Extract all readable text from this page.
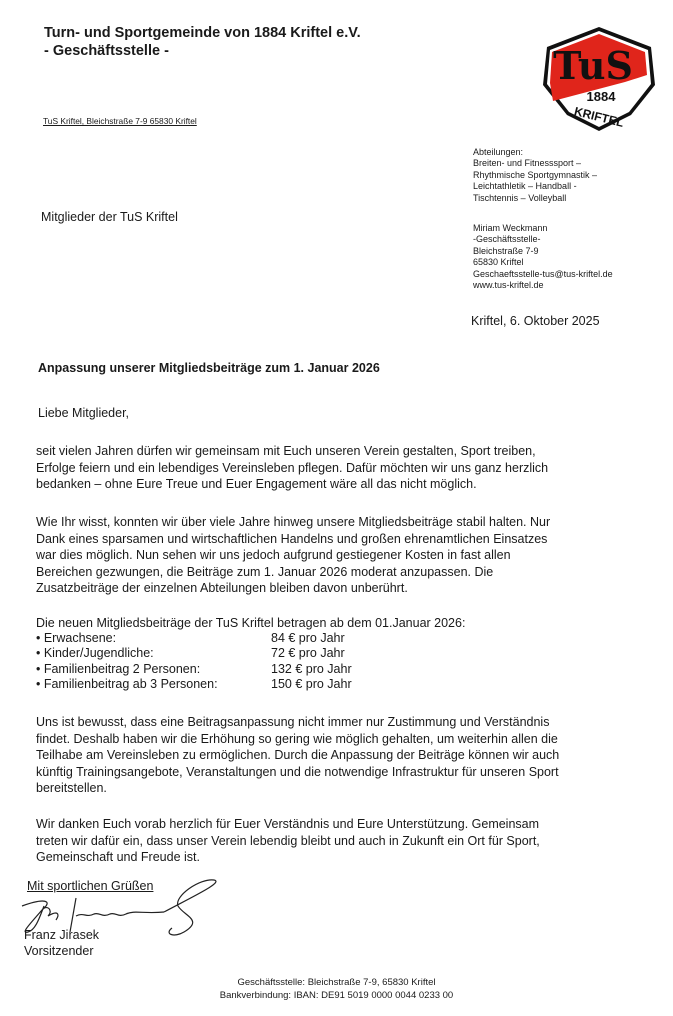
Turn- und Sportgemeinde von 1884 Kriftel e.V.
- Geschäftsstelle -
TuS Kriftel, Bleichstraße 7-9 65830 Kriftel
TuS
1884
KRIFTEL
Abteilungen:
Breiten- und Fitnesssport –
Rhythmische Sportgymnastik –
Leichtathletik – Handball -
Tischtennis – Volleyball
Miriam Weckmann
-Geschäftsstelle-
Bleichstraße 7-9
65830 Kriftel
Geschaeftsstelle-tus@tus-kriftel.de
www.tus-kriftel.de
Kriftel, 6. Oktober 2025
Mitglieder der TuS Kriftel
Anpassung unserer Mitgliedsbeiträge zum 1. Januar 2026
Liebe Mitglieder,
seit vielen Jahren dürfen wir gemeinsam mit Euch unseren Verein gestalten, Sport treiben,
Erfolge feiern und ein lebendiges Vereinsleben pflegen. Dafür möchten wir uns ganz herzlich
bedanken – ohne Eure Treue und Euer Engagement wäre all das nicht möglich.
Wie Ihr wisst, konnten wir über viele Jahre hinweg unsere Mitgliedsbeiträge stabil halten. Nur
Dank eines sparsamen und wirtschaftlichen Handelns und großen ehrenamtlichen Einsatzes
war dies möglich. Nun sehen wir uns jedoch aufgrund gestiegener Kosten in fast allen
Bereichen gezwungen, die Beiträge zum 1. Januar 2026 moderat anzupassen. Die
Zusatzbeiträge der einzelnen Abteilungen bleiben davon unberührt.
Die neuen Mitgliedsbeiträge der TuS Kriftel betragen ab dem 01.Januar 2026:
• Erwachsene:	84 € pro Jahr
• Kinder/Jugendliche:	72 € pro Jahr
• Familienbeitrag 2 Personen:	132 € pro Jahr
• Familienbeitrag ab 3 Personen:	150 € pro Jahr
Uns ist bewusst, dass eine Beitragsanpassung nicht immer nur Zustimmung und Verständnis
findet. Deshalb haben wir die Erhöhung so gering wie möglich gehalten, um weiterhin allen die
Teilhabe am Vereinsleben zu ermöglichen. Durch die Anpassung der Beiträge können wir auch
künftig Trainingsangebote, Veranstaltungen und die notwendige Infrastruktur für unseren Sport
bereitstellen.
Wir danken Euch vorab herzlich für Euer Verständnis und Eure Unterstützung. Gemeinsam
treten wir dafür ein, dass unser Verein lebendig bleibt und auch in Zukunft ein Ort für Sport,
Gemeinschaft und Freude ist.
Mit sportlichen Grüßen
Franz Jirasek
Vorsitzender
Geschäftsstelle: Bleichstraße 7-9, 65830 Kriftel
Bankverbindung: IBAN: DE91 5019 0000 0044 0233 00
